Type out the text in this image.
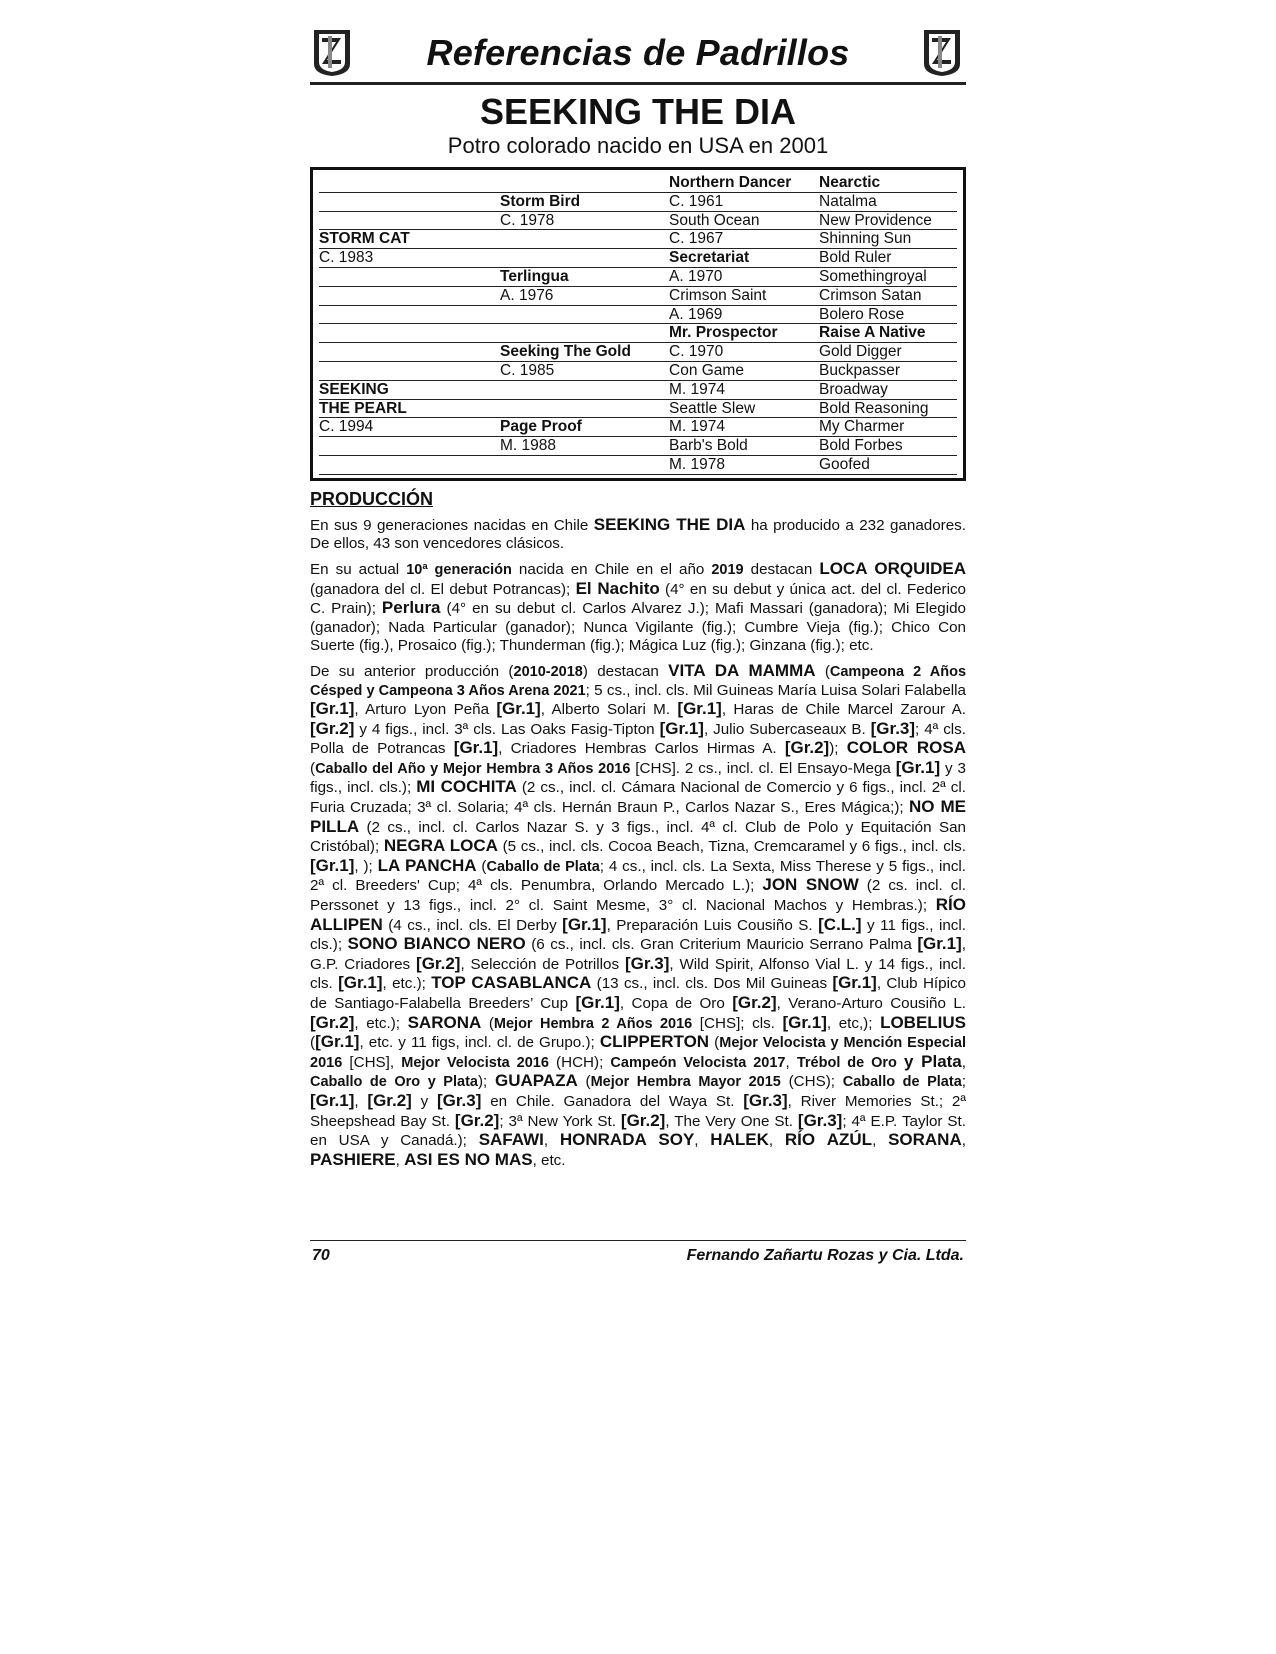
Referencias de Padrillos
SEEKING THE DIA
Potro colorado nacido en USA en 2001
		Northern Dancer	Nearctic
	Storm Bird	C. 1961	Natalma
	C. 1978	South Ocean	New Providence
STORM CAT		C. 1967	Shinning Sun
C. 1983		Secretariat	Bold Ruler
	Terlingua	A. 1970	Somethingroyal
	A. 1976	Crimson Saint	Crimson Satan
		A. 1969	Bolero Rose
		Mr. Prospector	Raise A Native
	Seeking The Gold	C. 1970	Gold Digger
	C. 1985	Con Game	Buckpasser
SEEKING		M. 1974	Broadway
THE PEARL		Seattle Slew	Bold Reasoning
C. 1994	Page Proof	M. 1974	My Charmer
	M. 1988	Barb's Bold	Bold Forbes
		M. 1978	Goofed
PRODUCCIÓN

En sus 9 generaciones nacidas en Chile SEEKING THE DIA ha producido a 232 ganadores. De ellos, 43 son vencedores clásicos.

En su actual 10ª generación nacida en Chile en el año 2019 destacan LOCA ORQUIDEA (ganadora del cl. El debut Potrancas); El Nachito (4° en su debut y única act. del cl. Federico C. Prain); Perlura (4° en su debut cl. Carlos Alvarez J.); Mafi Massari (ganadora); Mi Elegido (ganador); Nada Particular (ganador); Nunca Vigilante (fig.); Cumbre Vieja (fig.); Chico Con Suerte (fig.), Prosaico (fig.); Thunderman (fig.); Mágica Luz (fig.); Ginzana (fig.); etc.

De su anterior producción (2010-2018) destacan VITA DA MAMMA (Campeona 2 Años Césped y Campeona 3 Años Arena 2021; 5 cs., incl. cls. Mil Guineas María Luisa Solari Falabella [Gr.1], Arturo Lyon Peña [Gr.1], Alberto Solari M. [Gr.1], Haras de Chile Marcel Zarour A. [Gr.2] y 4 figs., incl. 3ª cls. Las Oaks Fasig-Tipton [Gr.1], Julio Subercaseaux B. [Gr.3]; 4ª cls. Polla de Potrancas [Gr.1], Criadores Hembras Carlos Hirmas A. [Gr.2]); COLOR ROSA (Caballo del Año y Mejor Hembra 3 Años 2016 [CHS]. 2 cs., incl. cl. El Ensayo-Mega [Gr.1] y 3 figs., incl. cls.); MI COCHITA (2 cs., incl. cl. Cámara Nacional de Comercio y 6 figs., incl. 2ª cl. Furia Cruzada; 3ª cl. Solaria; 4ª cls. Hernán Braun P., Carlos Nazar S., Eres Mágica;); NO ME PILLA (2 cs., incl. cl. Carlos Nazar S. y 3 figs., incl. 4ª cl. Club de Polo y Equitación San Cristóbal); NEGRA LOCA (5 cs., incl. cls. Cocoa Beach, Tizna, Cremcaramel y 6 figs., incl. cls. [Gr.1], ); LA PANCHA (Caballo de Plata; 4 cs., incl. cls. La Sexta, Miss Therese y 5 figs., incl. 2ª cl. Breeders' Cup; 4ª cls. Penumbra, Orlando Mercado L.); JON SNOW (2 cs. incl. cl. Perssonet y 13 figs., incl. 2° cl. Saint Mesme, 3° cl. Nacional Machos y Hembras.); RÍO ALLIPEN (4 cs., incl. cls. El Derby [Gr.1], Preparación Luis Cousiño S. [C.L.] y 11 figs., incl. cls.); SONO BIANCO NERO (6 cs., incl. cls. Gran Criterium Mauricio Serrano Palma [Gr.1], G.P. Criadores [Gr.2], Selección de Potrillos [Gr.3], Wild Spirit, Alfonso Vial L. y 14 figs., incl. cls. [Gr.1], etc.); TOP CASABLANCA (13 cs., incl. cls. Dos Mil Guineas [Gr.1], Club Hípico de Santiago-Falabella Breeders’ Cup [Gr.1], Copa de Oro [Gr.2], Verano-Arturo Cousiño L. [Gr.2], etc.); SARONA (Mejor Hembra 2 Años 2016 [CHS]; cls. [Gr.1], etc,); LOBELIUS ([Gr.1], etc. y 11 figs, incl. cl. de Grupo.); CLIPPERTON (Mejor Velocista y Mención Especial 2016 [CHS], Mejor Velocista 2016 (HCH); Campeón Velocista 2017, Trébol de Oro y Plata, Caballo de Oro y Plata); GUAPAZA (Mejor Hembra Mayor 2015 (CHS); Caballo de Plata; [Gr.1], [Gr.2] y [Gr.3] en Chile. Ganadora del Waya St. [Gr.3], River Memories St.; 2ª Sheepshead Bay St. [Gr.2]; 3ª New York St. [Gr.2], The Very One St. [Gr.3]; 4ª E.P. Taylor St. en USA y Canadá.); SAFAWI, HONRADA SOY, HALEK, RÍO AZÚL, SORANA, PASHIERE, ASI ES NO MAS, etc.

70	Fernando Zañartu Rozas y Cia. Ltda.
